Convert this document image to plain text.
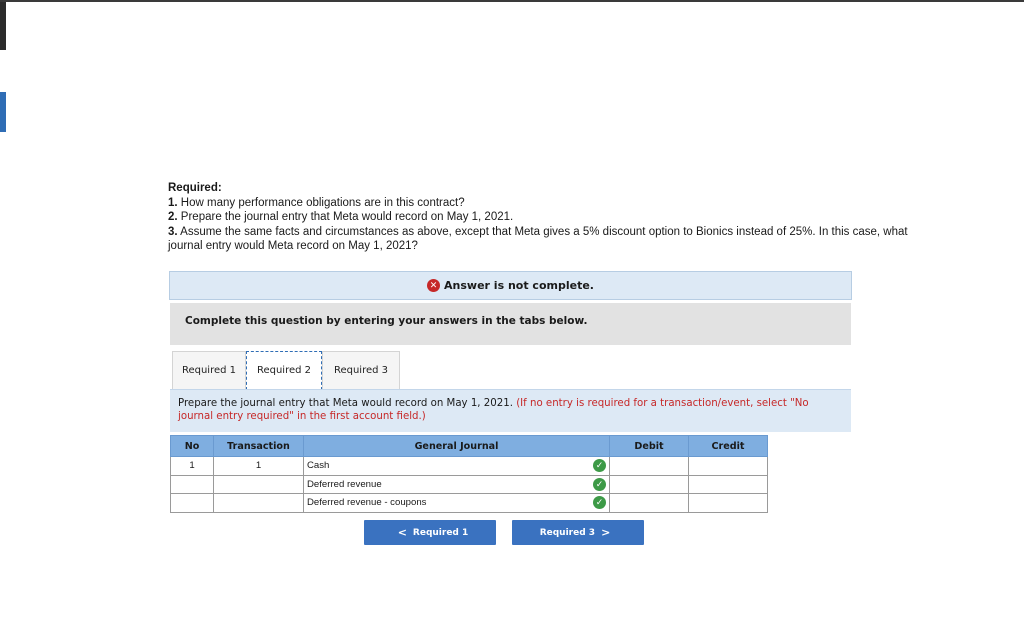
Required:
1. How many performance obligations are in this contract?
2. Prepare the journal entry that Meta would record on May 1, 2021.
3. Assume the same facts and circumstances as above, except that Meta gives a 5% discount option to Bionics instead of 25%. In this case, what journal entry would Meta record on May 1, 2021?
✕ Answer is not complete.
Complete this question by entering your answers in the tabs below.
Required 1	Required 2	Required 3

Prepare the journal entry that Meta would record on May 1, 2021. (If no entry is required for a transaction/event, select "No journal entry required" in the first account field.)

No	Transaction	General Journal	Debit	Credit
1	1	Cash ✓		

		Deferred revenue ✓		

		Deferred revenue - coupons ✓		

< Required 1	Required 3 >
